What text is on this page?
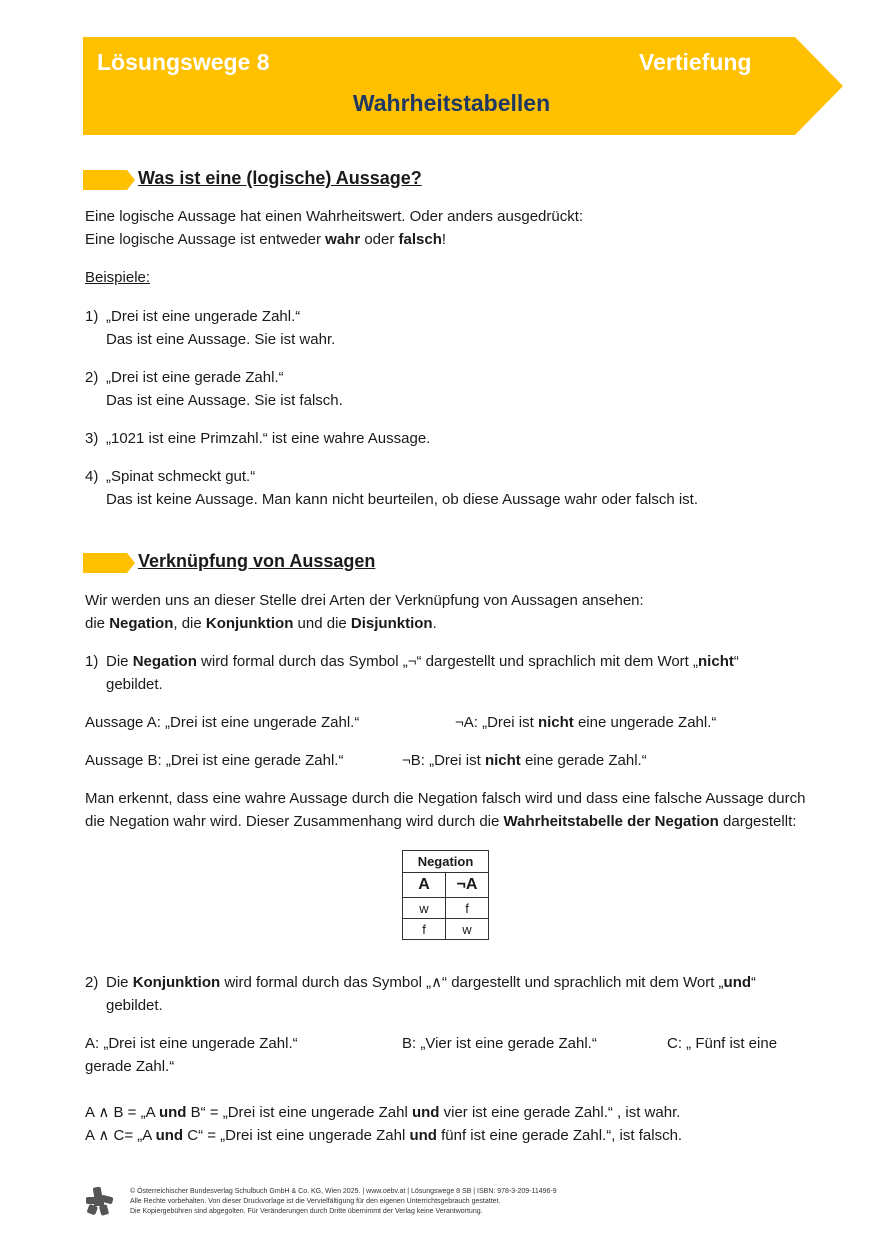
Lösungswege 8	Vertiefung
Wahrheitstabellen
Was ist eine (logische) Aussage?
Eine logische Aussage hat einen Wahrheitswert. Oder anders ausgedrückt:
Eine logische Aussage ist entweder wahr oder falsch!
Beispiele:
1) „Drei ist eine ungerade Zahl.“
Das ist eine Aussage. Sie ist wahr.
2) „Drei ist eine gerade Zahl.“
Das ist eine Aussage. Sie ist falsch.
3) „1021 ist eine Primzahl.“ ist eine wahre Aussage.
4) „Spinat schmeckt gut.“
Das ist keine Aussage. Man kann nicht beurteilen, ob diese Aussage wahr oder falsch ist.
Verknüpfung von Aussagen
Wir werden uns an dieser Stelle drei Arten der Verknüpfung von Aussagen ansehen:
die Negation, die Konjunktion und die Disjunktion.
1) Die Negation wird formal durch das Symbol „¬“ dargestellt und sprachlich mit dem Wort „nicht“
gebildet.
Aussage A: „Drei ist eine ungerade Zahl.“	¬A: „Drei ist nicht eine ungerade Zahl.“
Aussage B: „Drei ist eine gerade Zahl.“	¬B: „Drei ist nicht eine gerade Zahl.“
Man erkennt, dass eine wahre Aussage durch die Negation falsch wird und dass eine falsche Aussage durch
die Negation wahr wird. Dieser Zusammenhang wird durch die Wahrheitstabelle der Negation dargestellt:
Negation	
A	¬A
w	f
f	w
2) Die Konjunktion wird formal durch das Symbol „∧“ dargestellt und sprachlich mit dem Wort „und“
gebildet.
A: „Drei ist eine ungerade Zahl.“	B: „Vier ist eine gerade Zahl.“	C: „ Fünf ist eine
gerade Zahl.“
A ∧ B = „A und B“ = „Drei ist eine ungerade Zahl und vier ist eine gerade Zahl.“ , ist wahr.
A ∧ C= „A und C“ = „Drei ist eine ungerade Zahl und fünf ist eine gerade Zahl.“, ist falsch.
© Österreichischer Bundesverlag Schulbuch GmbH & Co. KG, Wien 2025. | www.oebv.at | Lösungswege 8 SB | ISBN: 978-3-209-11496-9
Alle Rechte vorbehalten. Von dieser Druckvorlage ist die Vervielfältigung für den eigenen Unterrichtsgebrauch gestattet.
Die Kopiergebühren sind abgegolten. Für Veränderungen durch Dritte übernimmt der Verlag keine Verantwortung.
